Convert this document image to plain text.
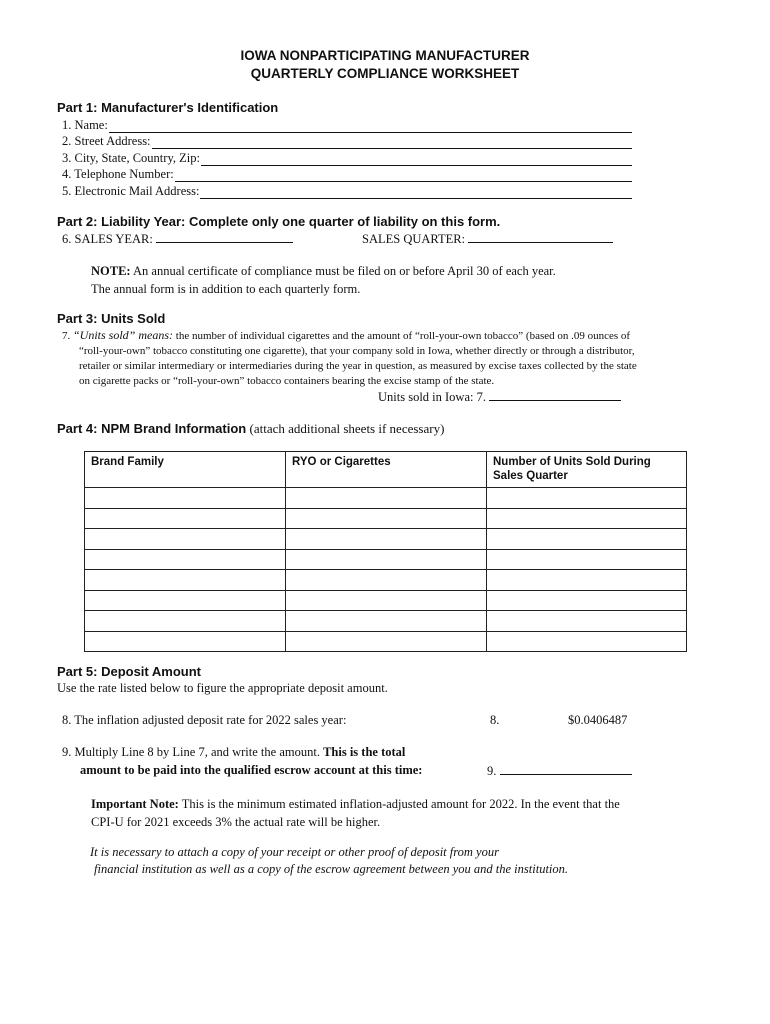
IOWA NONPARTICIPATING MANUFACTURER
QUARTERLY COMPLIANCE WORKSHEET
Part 1: Manufacturer's Identification
1. Name:
2. Street Address:
3. City, State, Country, Zip:
4. Telephone Number:
5. Electronic Mail Address:
Part 2: Liability Year: Complete only one quarter of liability on this form.
6. SALES YEAR:	SALES QUARTER:
NOTE: An annual certificate of compliance must be filed on or before April 30 of each year.
The annual form is in addition to each quarterly form.
Part 3: Units Sold
7. “Units sold” means: the number of individual cigarettes and the amount of “roll-your-own tobacco” (based on .09 ounces of
“roll-your-own” tobacco constituting one cigarette), that your company sold in Iowa, whether directly or through a distributor,
retailer or similar intermediary or intermediaries during the year in question, as measured by excise taxes collected by the state
on cigarette packs or “roll-your-own” tobacco containers bearing the excise stamp of the state.
Units sold in Iowa: 7.
Part 4: NPM Brand Information (attach additional sheets if necessary)
Brand Family	RYO or Cigarettes	Number of Units Sold During Sales Quarter

Part 5: Deposit Amount
Use the rate listed below to figure the appropriate deposit amount.
8. The inflation adjusted deposit rate for 2022 sales year:	8.	$0.0406487
9. Multiply Line 8 by Line 7, and write the amount. This is the total
amount to be paid into the qualified escrow account at this time:	9.
Important Note: This is the minimum estimated inflation-adjusted amount for 2022. In the event that the
CPI-U for 2021 exceeds 3% the actual rate will be higher.
It is necessary to attach a copy of your receipt or other proof of deposit from your
financial institution as well as a copy of the escrow agreement between you and the institution.
